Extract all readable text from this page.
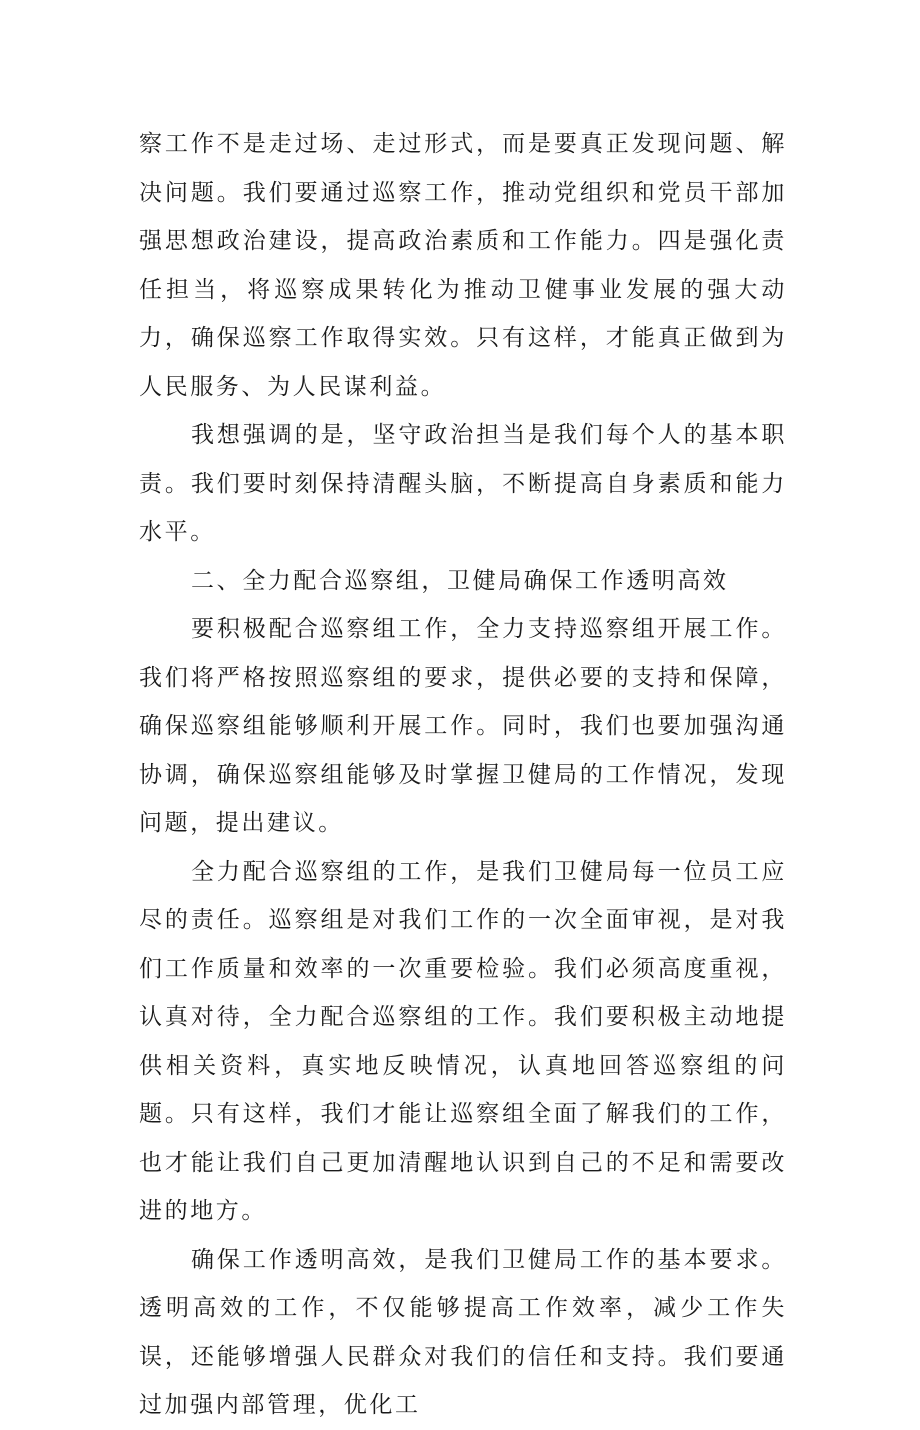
察工作不是走过场、走过形式，而是要真正发现问题、解决问题。我们要通过巡察工作，推动党组织和党员干部加强思想政治建设，提高政治素质和工作能力。四是强化责任担当，将巡察成果转化为推动卫健事业发展的强大动力，确保巡察工作取得实效。只有这样，才能真正做到为人民服务、为人民谋利益。

我想强调的是，坚守政治担当是我们每个人的基本职责。我们要时刻保持清醒头脑，不断提高自身素质和能力水平。

二、全力配合巡察组，卫健局确保工作透明高效

要积极配合巡察组工作，全力支持巡察组开展工作。我们将严格按照巡察组的要求，提供必要的支持和保障，确保巡察组能够顺利开展工作。同时，我们也要加强沟通协调，确保巡察组能够及时掌握卫健局的工作情况，发现问题，提出建议。

全力配合巡察组的工作，是我们卫健局每一位员工应尽的责任。巡察组是对我们工作的一次全面审视，是对我们工作质量和效率的一次重要检验。我们必须高度重视，认真对待，全力配合巡察组的工作。我们要积极主动地提供相关资料，真实地反映情况，认真地回答巡察组的问题。只有这样，我们才能让巡察组全面了解我们的工作，也才能让我们自己更加清醒地认识到自己的不足和需要改进的地方。

确保工作透明高效，是我们卫健局工作的基本要求。透明高效的工作，不仅能够提高工作效率，减少工作失误，还能够增强人民群众对我们的信任和支持。我们要通过加强内部管理，优化工
